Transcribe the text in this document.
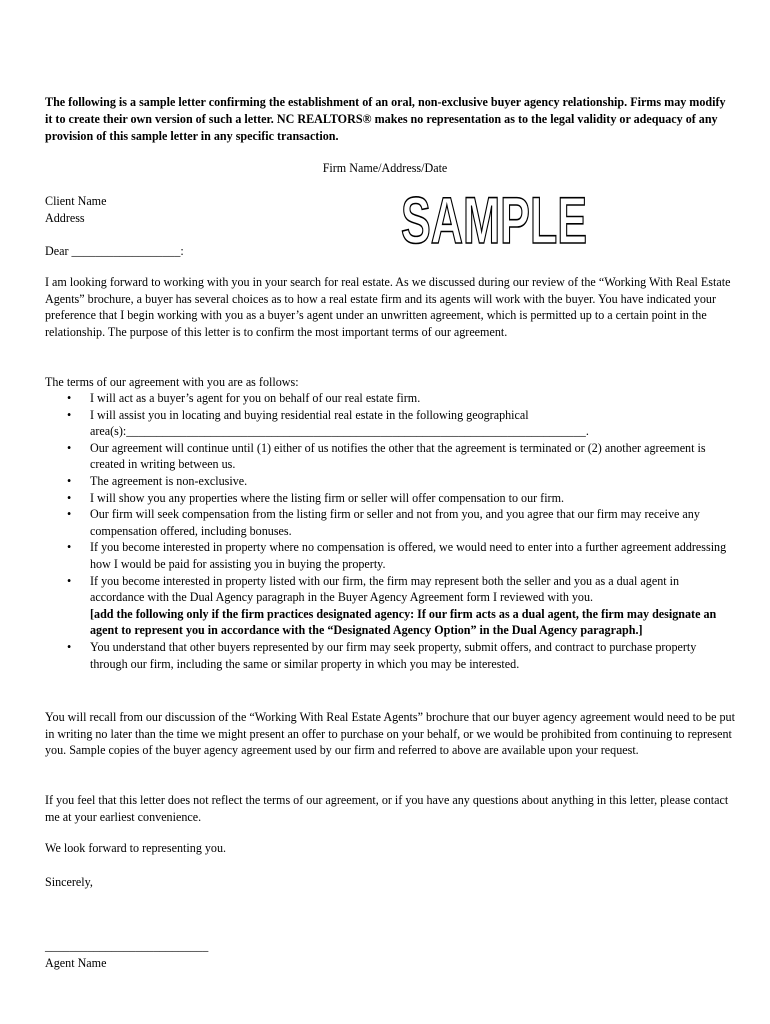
The following is a sample letter confirming the establishment of an oral, non-exclusive buyer agency relationship. Firms may modify it to create their own version of such a letter. NC REALTORS® makes no representation as to the legal validity or adequacy of any provision of this sample letter in any specific transaction.
Firm Name/Address/Date
Client Name
Address	SAMPLE
Dear __________________:
I am looking forward to working with you in your search for real estate. As we discussed during our review of the “Working With Real Estate Agents” brochure, a buyer has several choices as to how a real estate firm and its agents will work with the buyer. You have indicated your preference that I begin working with you as a buyer’s agent under an unwritten agreement, which is permitted up to a certain point in the relationship. The purpose of this letter is to confirm the most important terms of our agreement.
The terms of our agreement with you are as follows:
• I will act as a buyer’s agent for you on behalf of our real estate firm.
• I will assist you in locating and buying residential real estate in the following geographical area(s):____________________________________________________________________________.
• Our agreement will continue until (1) either of us notifies the other that the agreement is terminated or (2) another agreement is created in writing between us.
• The agreement is non-exclusive.
• I will show you any properties where the listing firm or seller will offer compensation to our firm.
• Our firm will seek compensation from the listing firm or seller and not from you, and you agree that our firm may receive any compensation offered, including bonuses.
• If you become interested in property where no compensation is offered, we would need to enter into a further agreement addressing how I would be paid for assisting you in buying the property.
• If you become interested in property listed with our firm, the firm may represent both the seller and you as a dual agent in accordance with the Dual Agency paragraph in the Buyer Agency Agreement form I reviewed with you.
[add the following only if the firm practices designated agency: If our firm acts as a dual agent, the firm may designate an agent to represent you in accordance with the “Designated Agency Option” in the Dual Agency paragraph.]
• You understand that other buyers represented by our firm may seek property, submit offers, and contract to purchase property through our firm, including the same or similar property in which you may be interested.
You will recall from our discussion of the “Working With Real Estate Agents” brochure that our buyer agency agreement would need to be put in writing no later than the time we might present an offer to purchase on your behalf, or we would be prohibited from continuing to represent you. Sample copies of the buyer agency agreement used by our firm and referred to above are available upon your request.
If you feel that this letter does not reflect the terms of our agreement, or if you have any questions about anything in this letter, please contact me at your earliest convenience.
We look forward to representing you.
Sincerely,
___________________________
Agent Name
